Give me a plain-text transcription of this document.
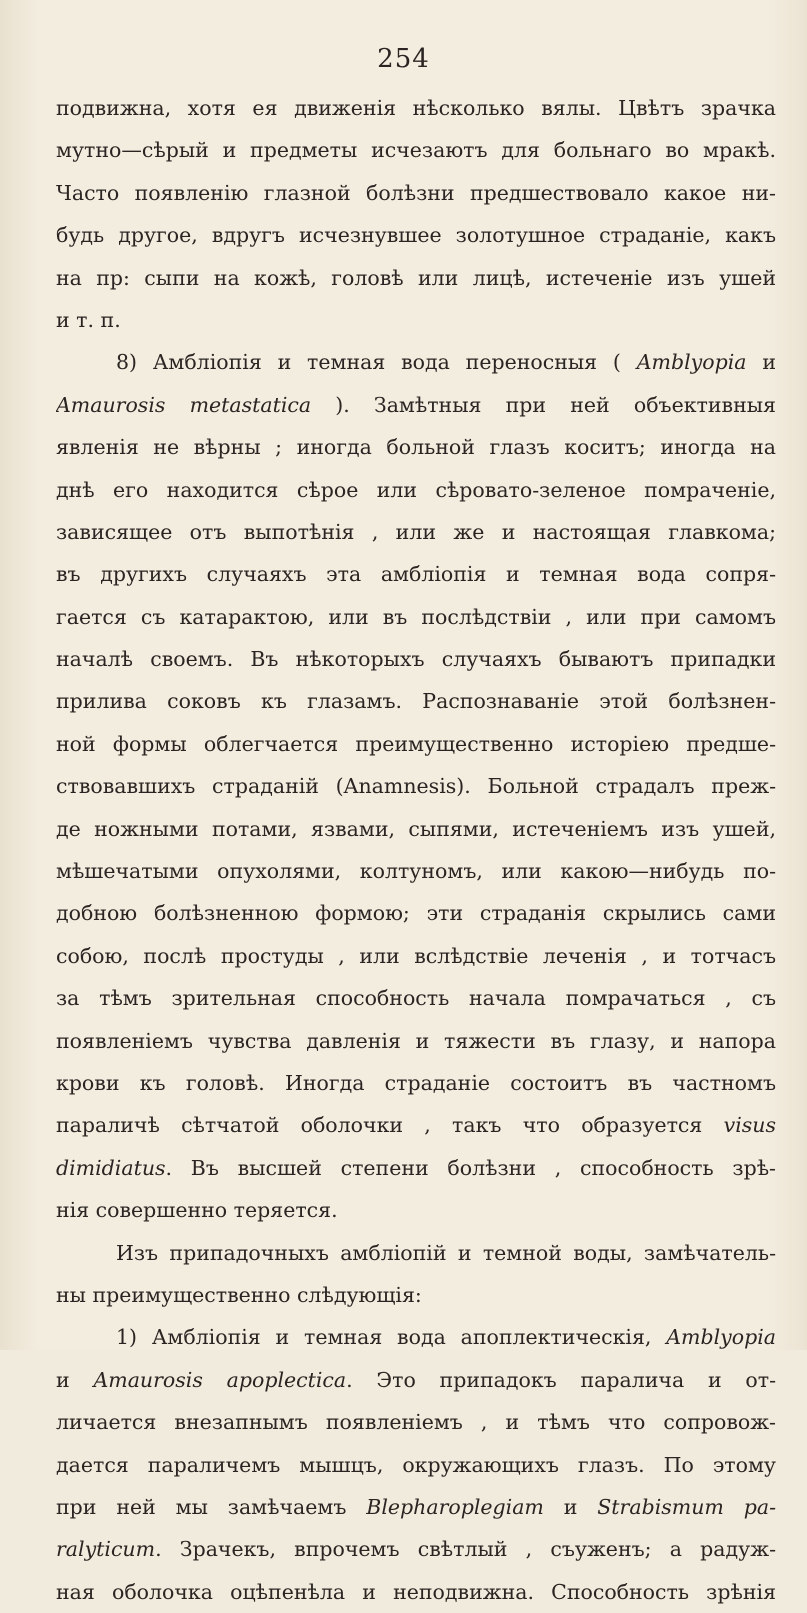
254
подвижна, хотя ея движенія нѣсколько вялы. Цвѣтъ зрачка
мутно—сѣрый и предметы исчезаютъ для больнаго во мракѣ.
Часто появленію глазной болѣзни предшествовало какое ни-
будь другое, вдругъ исчезнувшее золотушное страданіе, какъ
на пр: сыпи на кожѣ, головѣ или лицѣ, истеченіе изъ ушей
и т. п.
8) Амбліопія и темная вода переносныя ( Amblyopia и
Amaurosis metastatica ). Замѣтныя при ней объективныя
явленія не вѣрны ; иногда больной глазъ коситъ; иногда на
днѣ его находится сѣрое или сѣровато-зеленое помраченіе,
зависящее отъ выпотѣнія , или же и настоящая главкома;
въ другихъ случаяхъ эта амбліопія и темная вода сопря-
гается съ катарактою, или въ послѣдствіи , или при самомъ
началѣ своемъ. Въ нѣкоторыхъ случаяхъ бываютъ припадки
прилива соковъ къ глазамъ. Распознаваніе этой болѣзнен-
ной формы облегчается преимущественно исторіею предше-
ствовавшихъ страданій (Anamnesis). Больной страдалъ преж-
де ножными потами, язвами, сыпями, истеченіемъ изъ ушей,
мѣшечатыми опухолями, колтуномъ, или какою—нибудь по-
добною болѣзненною формою; эти страданія скрылись сами
собою, послѣ простуды , или вслѣдствіе леченія , и тотчасъ
за тѣмъ зрительная способность начала помрачаться , съ
появленіемъ чувства давленія и тяжести въ глазу, и напора
крови къ головѣ. Иногда страданіе состоитъ въ частномъ
параличѣ сѣтчатой оболочки , такъ что образуется visus
dimidiatus. Въ высшей степени болѣзни , способность зрѣ-
нія совершенно теряется.
Изъ припадочныхъ амбліопій и темной воды, замѣчатель-
ны преимущественно слѣдующія:
1) Амбліопія и темная вода апоплектическія, Amblyopia
и Amaurosis apoplectica. Это припадокъ паралича и от-
личается внезапнымъ появленіемъ , и тѣмъ что сопровож-
дается параличемъ мышцъ, окружающихъ глазъ. По этому
при ней мы замѣчаемъ Blepharoplegiam и Strabismum pa-
ralyticum. Зрачекъ, впрочемъ свѣтлый , съуженъ; а радуж-
ная оболочка оцѣпенѣла и неподвижна. Способность зрѣнія
